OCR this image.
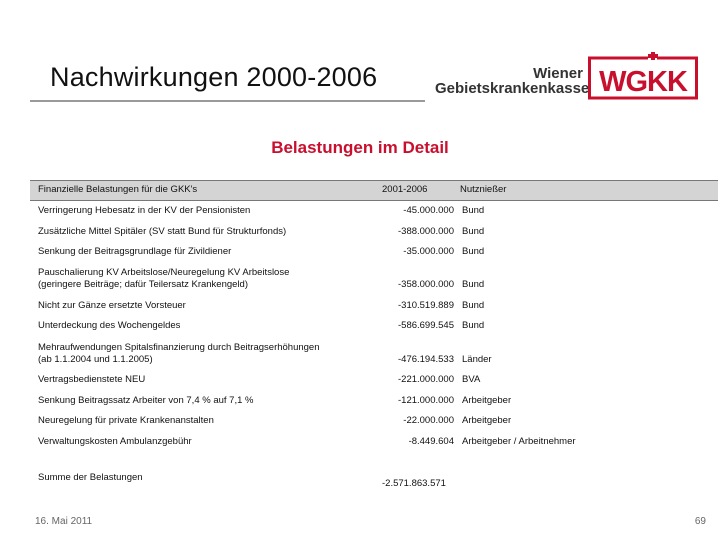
Nachwirkungen 2000-2006	Wiener
Gebietskrankenkasse WGKK
Belastungen im Detail
Finanzielle Belastungen für die GKK's	2001-2006	Nutznießer
Verringerung Hebesatz in der KV der Pensionisten	-45.000.000 Bund
Zusätzliche Mittel Spitäler (SV statt Bund für Strukturfonds)	-388.000.000 Bund
Senkung der Beitragsgrundlage für Zivildiener	-35.000.000 Bund
Pauschalierung KV Arbeitslose/Neuregelung KV Arbeitslose
(geringere Beiträge; dafür Teilersatz Krankengeld)	-358.000.000 Bund
Nicht zur Gänze ersetzte Vorsteuer	-310.519.889 Bund
Unterdeckung des Wochengeldes	-586.699.545 Bund
Mehraufwendungen Spitalsfinanzierung durch Beitragserhöhungen
(ab 1.1.2004 und 1.1.2005)	-476.194.533 Länder
Vertragsbedienstete NEU	-221.000.000 BVA
Senkung Beitragssatz Arbeiter von 7,4 % auf 7,1 %	-121.000.000 Arbeitgeber
Neuregelung für private Krankenanstalten	-22.000.000 Arbeitgeber
Verwaltungskosten Ambulanzgebühr	-8.449.604 Arbeitgeber / Arbeitnehmer
Summe der Belastungen
-2.571.863.571
16. Mai 2011	69
